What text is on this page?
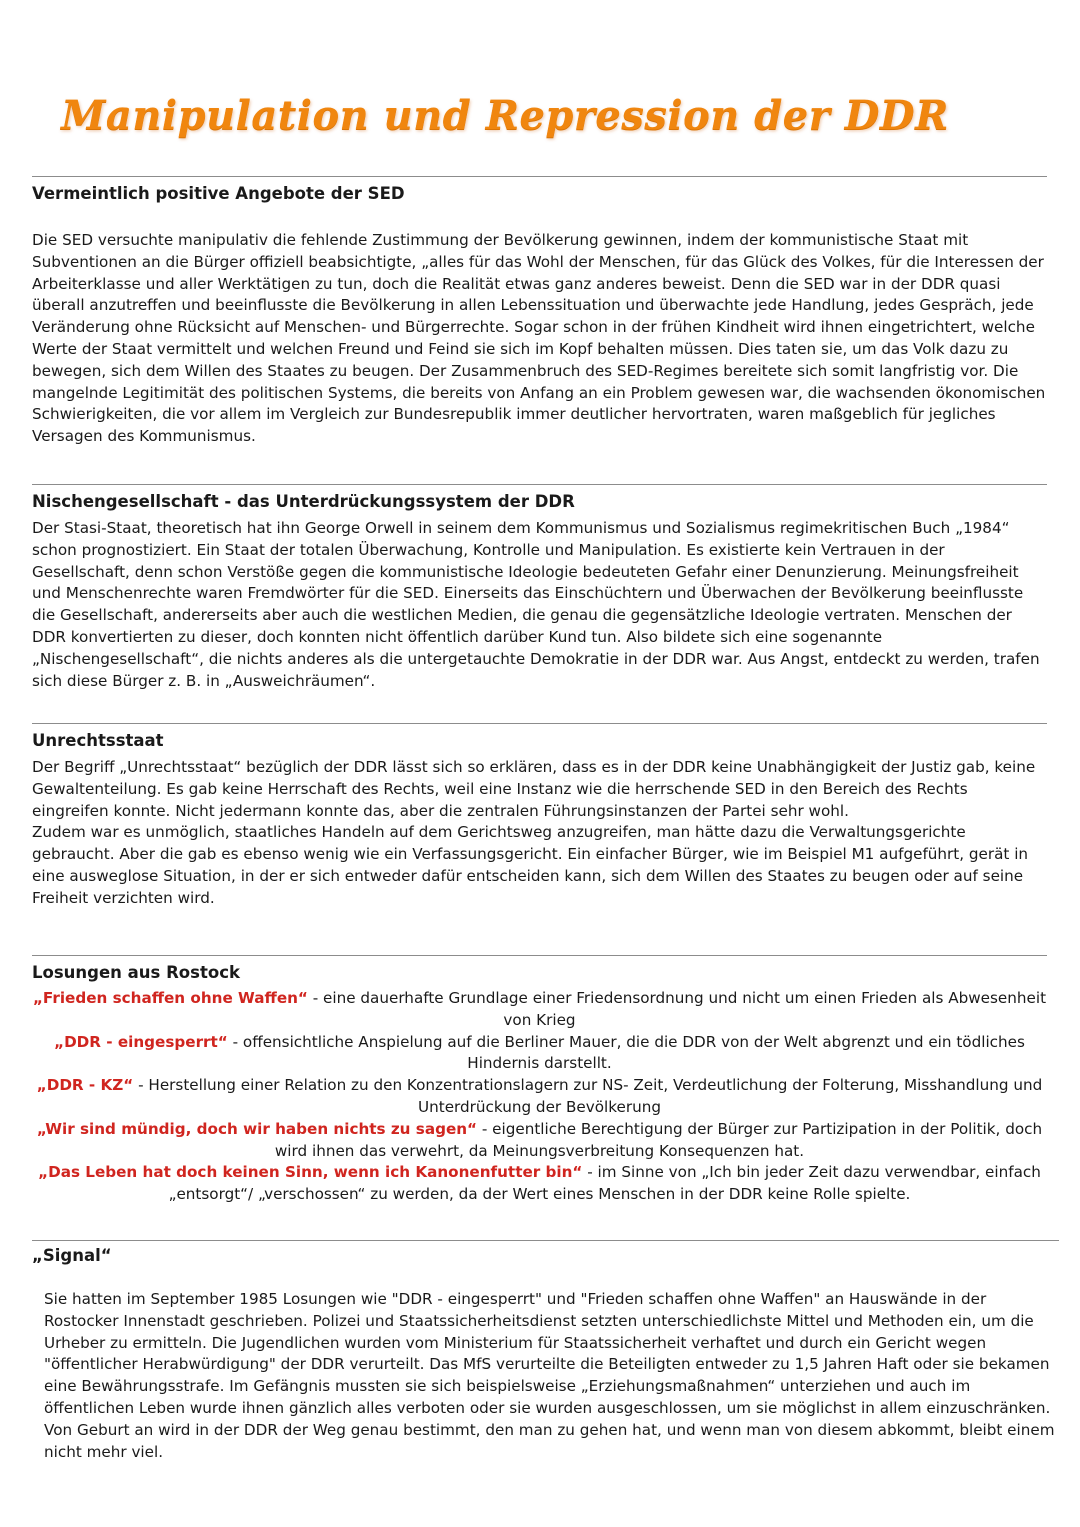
Manipulation und Repression der DDR
Vermeintlich positive Angebote der SED
Die SED versuchte manipulativ die fehlende Zustimmung der Bevölkerung gewinnen, indem der kommunistische Staat mit Subventionen an die Bürger offiziell beabsichtigte, „alles für das Wohl der Menschen, für das Glück des Volkes, für die Interessen der Arbeiterklasse und aller Werktätigen zu tun, doch die Realität etwas ganz anderes beweist. Denn die SED war in der DDR quasi überall anzutreffen und beeinflusste die Bevölkerung in allen Lebenssituation und überwachte jede Handlung, jedes Gespräch, jede Veränderung ohne Rücksicht auf Menschen- und Bürgerrechte. Sogar schon in der frühen Kindheit wird ihnen eingetrichtert, welche Werte der Staat vermittelt und welchen Freund und Feind sie sich im Kopf behalten müssen. Dies taten sie, um das Volk dazu zu bewegen, sich dem Willen des Staates zu beugen. Der Zusammenbruch des SED-Regimes bereitete sich somit langfristig vor. Die mangelnde Legitimität des politischen Systems, die bereits von Anfang an ein Problem gewesen war, die wachsenden ökonomischen Schwierigkeiten, die vor allem im Vergleich zur Bundesrepublik immer deutlicher hervortraten, waren maßgeblich für jegliches Versagen des Kommunismus.
Nischengesellschaft - das Unterdrückungssystem der DDR
Der Stasi-Staat, theoretisch hat ihn George Orwell in seinem dem Kommunismus und Sozialismus regimekritischen Buch „1984“ schon prognostiziert. Ein Staat der totalen Überwachung, Kontrolle und Manipulation. Es existierte kein Vertrauen in der Gesellschaft, denn schon Verstöße gegen die kommunistische Ideologie bedeuteten Gefahr einer Denunzierung. Meinungsfreiheit und Menschenrechte waren Fremdwörter für die SED. Einerseits das Einschüchtern und Überwachen der Bevölkerung beeinflusste die Gesellschaft, andererseits aber auch die westlichen Medien, die genau die gegensätzliche Ideologie vertraten. Menschen der DDR konvertierten zu dieser, doch konnten nicht öffentlich darüber Kund tun. Also bildete sich eine sogenannte „Nischengesellschaft“, die nichts anderes als die untergetauchte Demokratie in der DDR war. Aus Angst, entdeckt zu werden, trafen sich diese Bürger z. B. in „Ausweichräumen“.
Unrechtsstaat
Der Begriff „Unrechtsstaat“ bezüglich der DDR lässt sich so erklären, dass es in der DDR keine Unabhängigkeit der Justiz gab, keine Gewaltenteilung. Es gab keine Herrschaft des Rechts, weil eine Instanz wie die herrschende SED in den Bereich des Rechts eingreifen konnte. Nicht jedermann konnte das, aber die zentralen Führungsinstanzen der Partei sehr wohl.
Zudem war es unmöglich, staatliches Handeln auf dem Gerichtsweg anzugreifen, man hätte dazu die Verwaltungsgerichte gebraucht. Aber die gab es ebenso wenig wie ein Verfassungsgericht. Ein einfacher Bürger, wie im Beispiel M1 aufgeführt, gerät in eine ausweglose Situation, in der er sich entweder dafür entscheiden kann, sich dem Willen des Staates zu beugen oder auf seine Freiheit verzichten wird.
Losungen aus Rostock

„Frieden schaffen ohne Waffen“ - eine dauerhafte Grundlage einer Friedensordnung und nicht um einen Frieden als Abwesenheit von Krieg

„DDR - eingesperrt“ - offensichtliche Anspielung auf die Berliner Mauer, die die DDR von der Welt abgrenzt und ein tödliches Hindernis darstellt.

„DDR - KZ“ - Herstellung einer Relation zu den Konzentrationslagern zur NS- Zeit, Verdeutlichung der Folterung, Misshandlung und Unterdrückung der Bevölkerung

„Wir sind mündig, doch wir haben nichts zu sagen“ - eigentliche Berechtigung der Bürger zur Partizipation in der Politik, doch wird ihnen das verwehrt, da Meinungsverbreitung Konsequenzen hat.

„Das Leben hat doch keinen Sinn, wenn ich Kanonenfutter bin“ - im Sinne von „Ich bin jeder Zeit dazu verwendbar, einfach „entsorgt“/ „verschossen“ zu werden, da der Wert eines Menschen in der DDR keine Rolle spielte.

„Signal“
Sie hatten im September 1985 Losungen wie "DDR - eingesperrt" und "Frieden schaffen ohne Waffen" an Hauswände in der Rostocker Innenstadt geschrieben. Polizei und Staatssicherheitsdienst setzten unterschiedlichste Mittel und Methoden ein, um die Urheber zu ermitteln. Die Jugendlichen wurden vom Ministerium für Staatssicherheit verhaftet und durch ein Gericht wegen "öffentlicher Herabwürdigung" der DDR verurteilt. Das MfS verurteilte die Beteiligten entweder zu 1,5 Jahren Haft oder sie bekamen eine Bewährungsstrafe. Im Gefängnis mussten sie sich beispielsweise „Erziehungsmaßnahmen“ unterziehen und auch im öffentlichen Leben wurde ihnen gänzlich alles verboten oder sie wurden ausgeschlossen, um sie möglichst in allem einzuschränken. Von Geburt an wird in der DDR der Weg genau bestimmt, den man zu gehen hat, und wenn man von diesem abkommt, bleibt einem nicht mehr viel.
